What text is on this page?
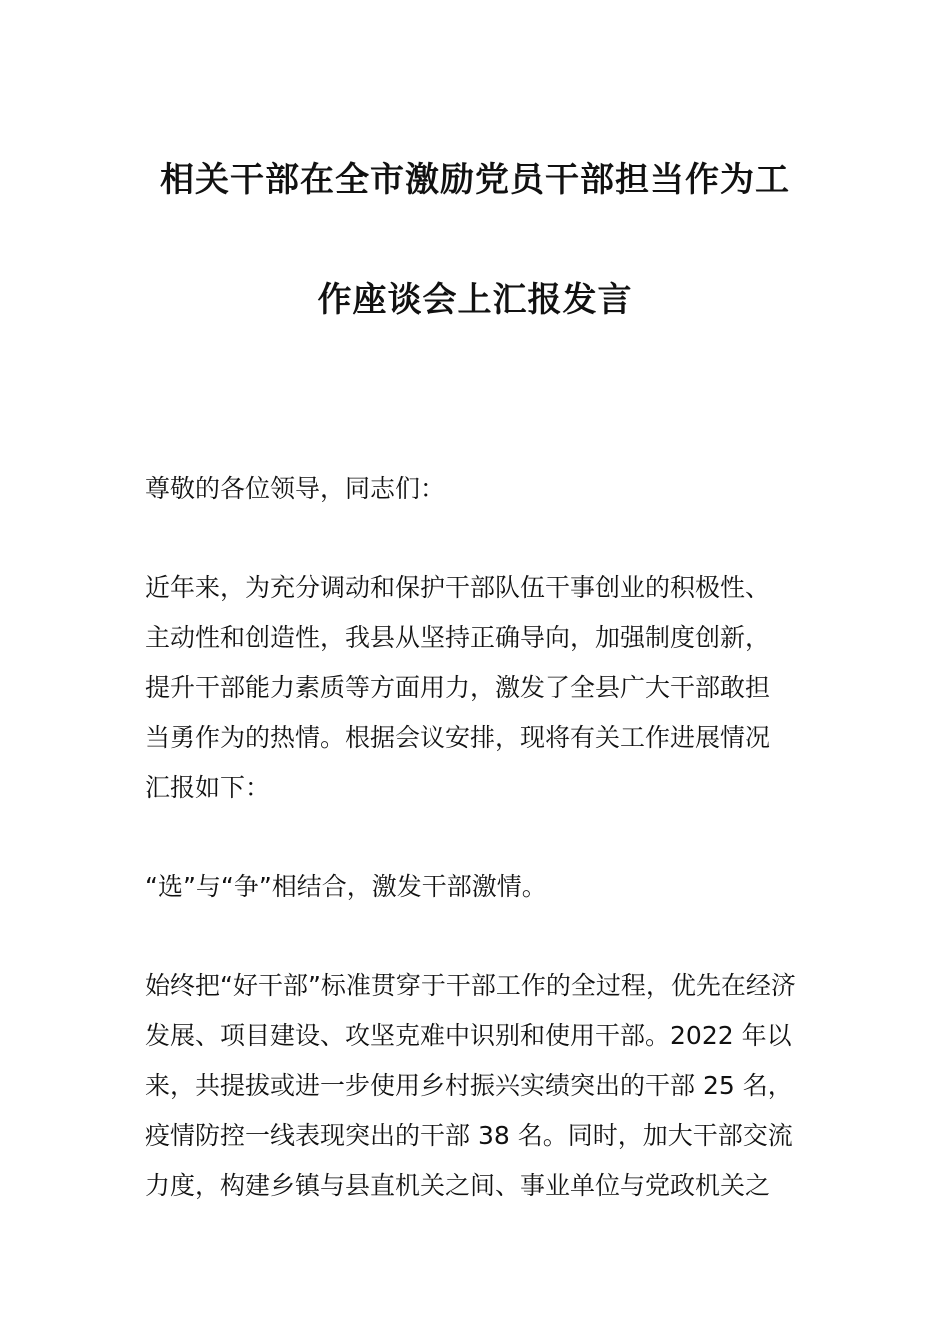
相关干部在全市激励党员干部担当作为工
作座谈会上汇报发言

尊敬的各位领导，同志们：

近年来，为充分调动和保护干部队伍干事创业的积极性、
主动性和创造性，我县从坚持正确导向，加强制度创新，
提升干部能力素质等方面用力，激发了全县广大干部敢担
当勇作为的热情。根据会议安排，现将有关工作进展情况
汇报如下：

“选”与“争”相结合，激发干部激情。

始终把“好干部”标准贯穿于干部工作的全过程，优先在经济
发展、项目建设、攻坚克难中识别和使用干部。2022 年以
来，共提拔或进一步使用乡村振兴实绩突出的干部 25 名，
疫情防控一线表现突出的干部 38 名。同时，加大干部交流
力度，构建乡镇与县直机关之间、事业单位与党政机关之
